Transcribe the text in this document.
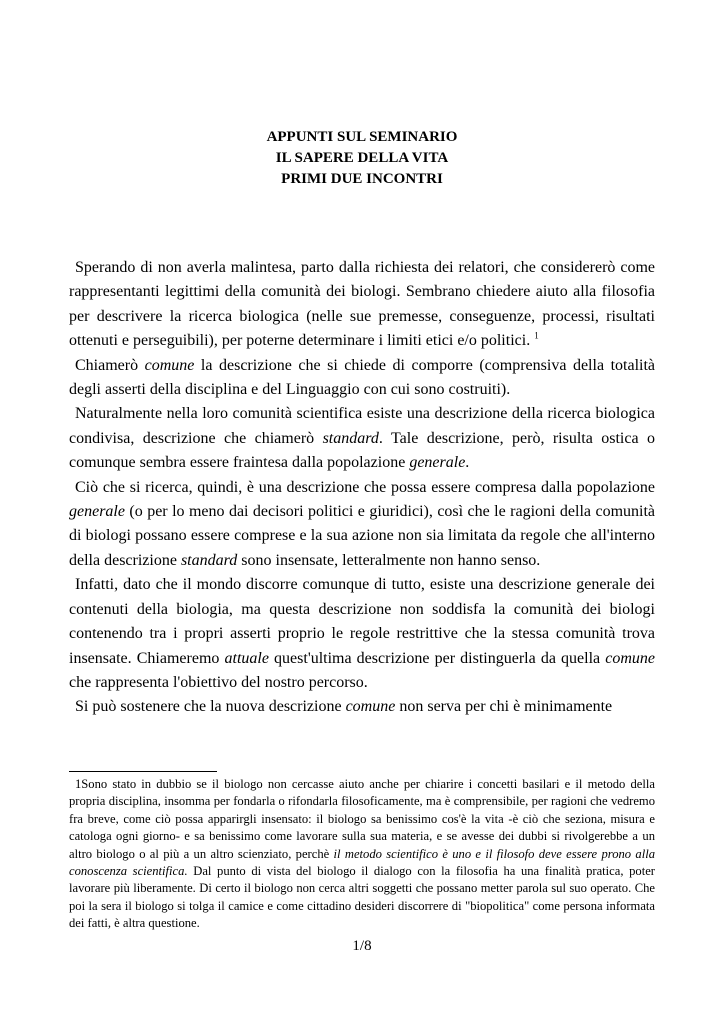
APPUNTI SUL SEMINARIO
IL SAPERE DELLA VITA
PRIMI DUE INCONTRI

Sperando di non averla malintesa, parto dalla richiesta dei relatori, che considererò come rappresentanti legittimi della comunità dei biologi. Sembrano chiedere aiuto alla filosofia per descrivere la ricerca biologica (nelle sue premesse, conseguenze, processi, risultati ottenuti e perseguibili), per poterne determinare i limiti etici e/o politici. $^1$

Chiamerò comune la descrizione che si chiede di comporre (comprensiva della totalità degli asserti della disciplina e del Linguaggio con cui sono costruiti).

Naturalmente nella loro comunità scientifica esiste una descrizione della ricerca biologica condivisa, descrizione che chiamerò standard. Tale descrizione, però, risulta ostica o comunque sembra essere fraintesa dalla popolazione generale.

Ciò che si ricerca, quindi, è una descrizione che possa essere compresa dalla popolazione generale (o per lo meno dai decisori politici e giuridici), così che le ragioni della comunità di biologi possano essere comprese e la sua azione non sia limitata da regole che all'interno della descrizione standard sono insensate, letteralmente non hanno senso.

Infatti, dato che il mondo discorre comunque di tutto, esiste una descrizione generale dei contenuti della biologia, ma questa descrizione non soddisfa la comunità dei biologi contenendo tra i propri asserti proprio le regole restrittive che la stessa comunità trova insensate. Chiameremo attuale quest'ultima descrizione per distinguerla da quella comune che rappresenta l'obiettivo del nostro percorso.

Si può sostenere che la nuova descrizione comune non serva per chi è minimamente

1Sono stato in dubbio se il biologo non cercasse aiuto anche per chiarire i concetti basilari e il metodo della propria disciplina, insomma per fondarla o rifondarla filosoficamente, ma è comprensibile, per ragioni che vedremo fra breve, come ciò possa apparirgli insensato: il biologo sa benissimo cos'è la vita -è ciò che seziona, misura e catologa ogni giorno- e sa benissimo come lavorare sulla sua materia, e se avesse dei dubbi si rivolgerebbe a un altro biologo o al più a un altro scienziato, perchè il metodo scientifico è uno e il filosofo deve essere prono alla conoscenza scientifica. Dal punto di vista del biologo il dialogo con la filosofia ha una finalità pratica, poter lavorare più liberamente. Di certo il biologo non cerca altri soggetti che possano metter parola sul suo operato. Che poi la sera il biologo si tolga il camice e come cittadino desideri discorrere di "biopolitica" come persona informata dei fatti, è altra questione.

1/8
